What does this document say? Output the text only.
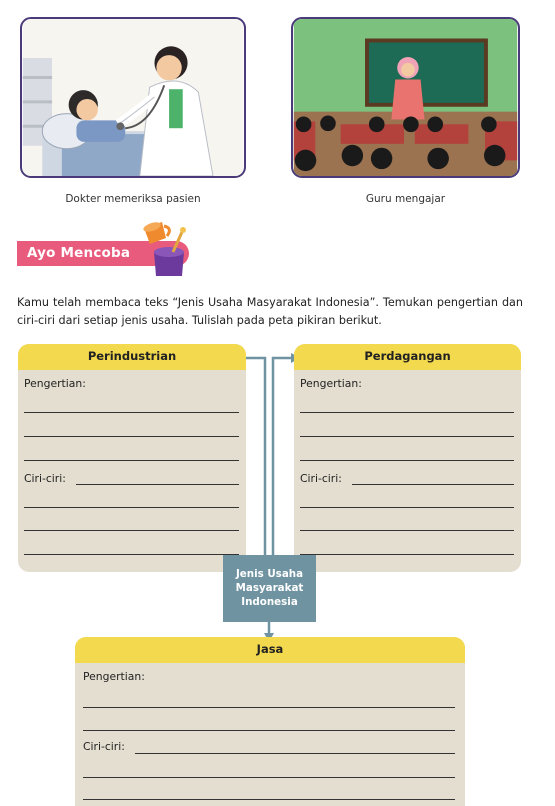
Dokter memeriksa pasien	Guru mengajar
Ayo Mencoba
Kamu telah membaca teks “Jenis Usaha Masyarakat Indonesia”. Temukan pengertian dan ciri-ciri dari setiap jenis usaha. Tulislah pada peta pikiran berikut.
Perindustrian
Pengertian:
Ciri-ciri:
Perdagangan
Pengertian:
Ciri-ciri:
Jenis Usaha Masyarakat Indonesia
Jasa
Pengertian:
Ciri-ciri:
